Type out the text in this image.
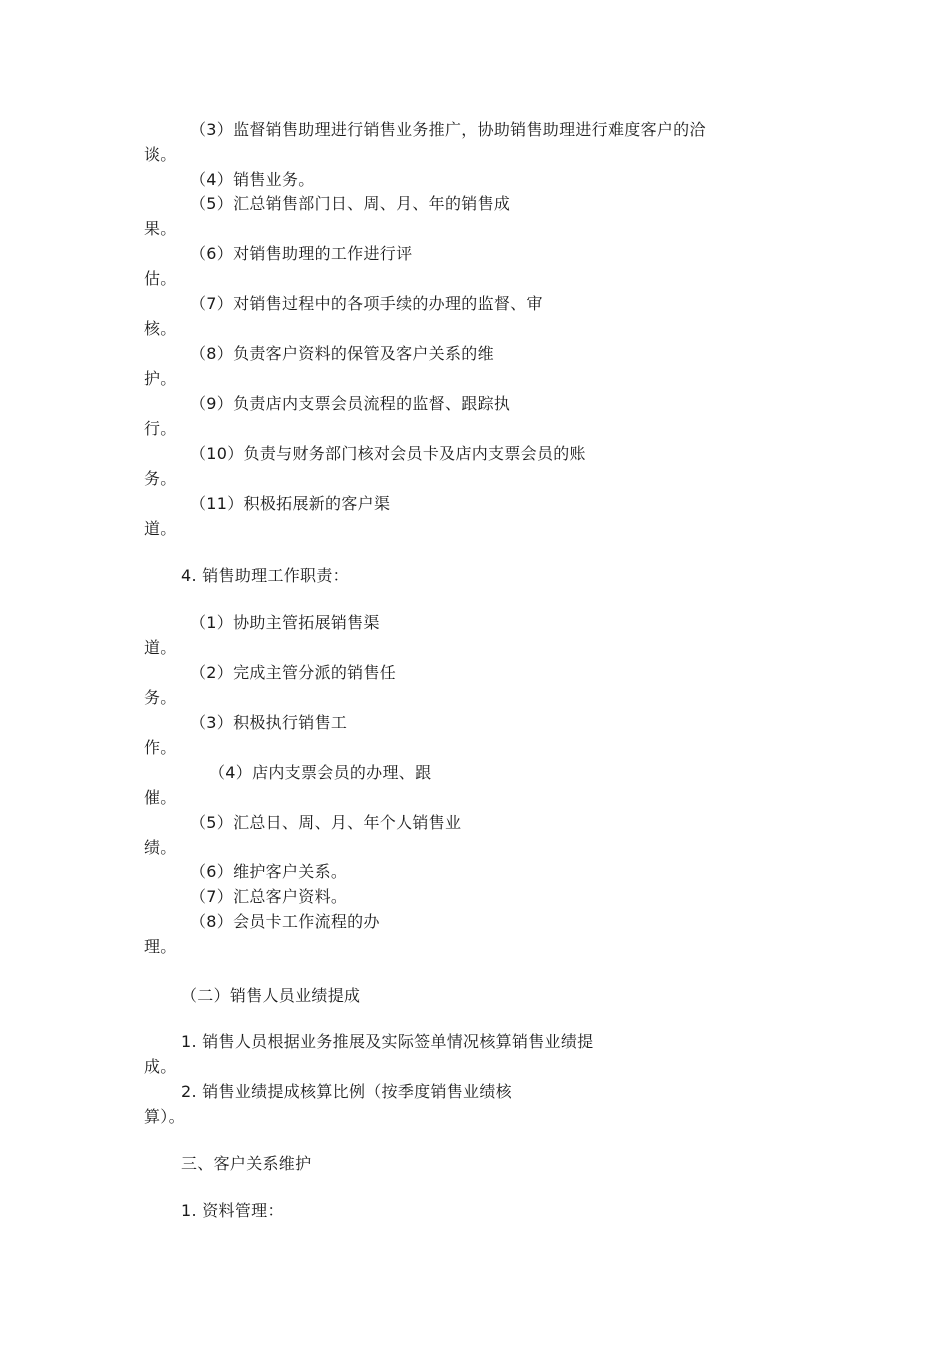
（3）监督销售助理进行销售业务推广，协助销售助理进行难度客户的洽
谈。
（4）销售业务。
（5）汇总销售部门日、周、月、年的销售成
果。
（6）对销售助理的工作进行评
估。
（7）对销售过程中的各项手续的办理的监督、审
核。
（8）负责客户资料的保管及客户关系的维
护。
（9）负责店内支票会员流程的监督、跟踪执
行。
（10）负责与财务部门核对会员卡及店内支票会员的账
务。
（11）积极拓展新的客户渠
道。
4. 销售助理工作职责：
（1）协助主管拓展销售渠
道。
（2）完成主管分派的销售任
务。
（3）积极执行销售工
作。
（4）店内支票会员的办理、跟
催。
（5）汇总日、周、月、年个人销售业
绩。
（6）维护客户关系。
（7）汇总客户资料。
（8）会员卡工作流程的办
理。
（二）销售人员业绩提成
1. 销售人员根据业务推展及实际签单情况核算销售业绩提
成。
2. 销售业绩提成核算比例（按季度销售业绩核
算）。
三、客户关系维护
1. 资料管理：
